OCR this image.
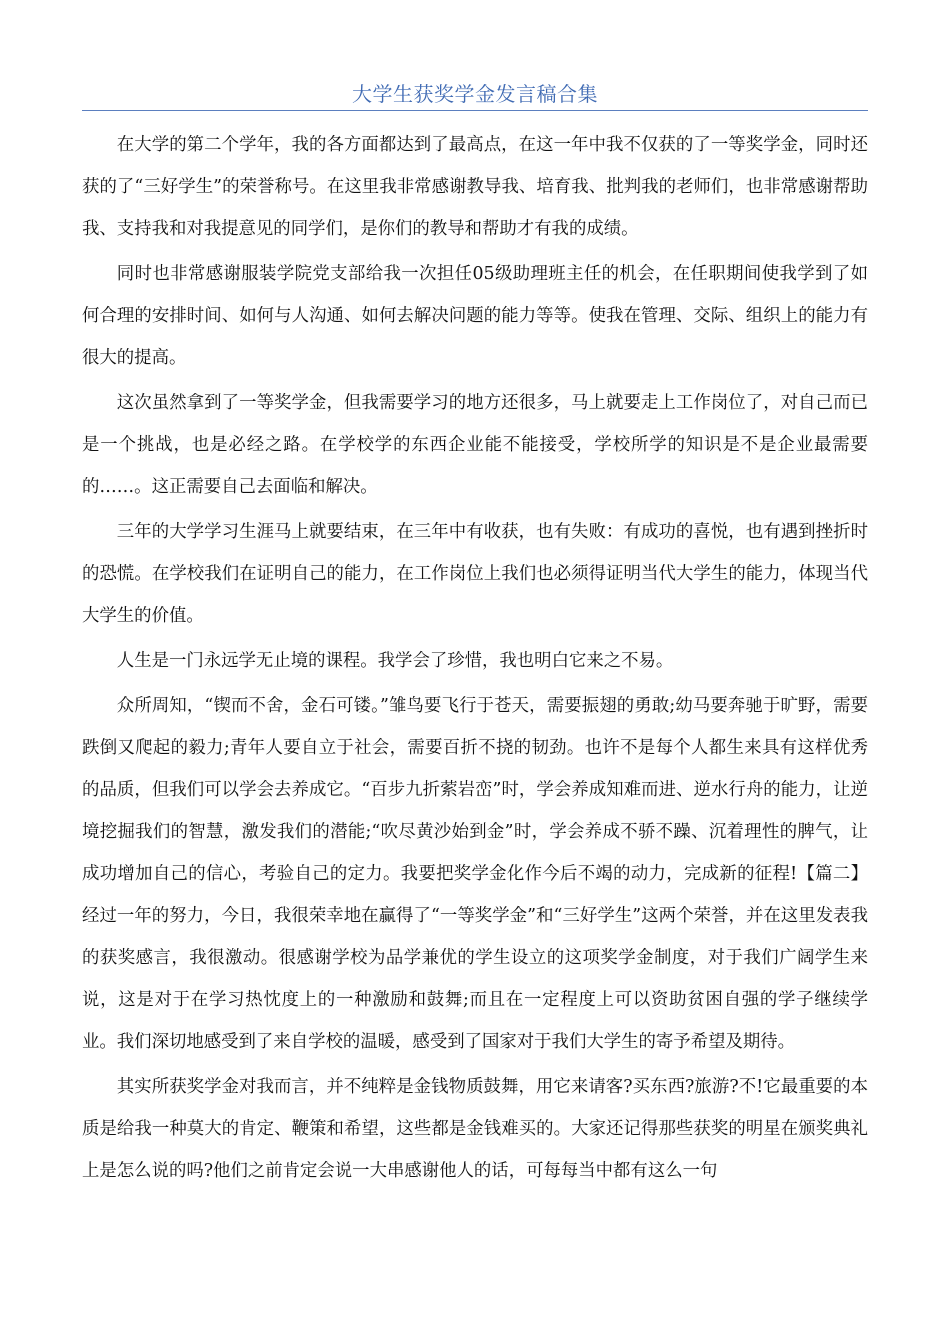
大学生获奖学金发言稿合集

在大学的第二个学年，我的各方面都达到了最高点，在这一年中我不仅获的了一等奖学金，同时还获的了“三好学生”的荣誉称号。在这里我非常感谢教导我、培育我、批判我的老师们，也非常感谢帮助我、支持我和对我提意见的同学们，是你们的教导和帮助才有我的成绩。

同时也非常感谢服装学院党支部给我一次担任05级助理班主任的机会，在任职期间使我学到了如何合理的安排时间、如何与人沟通、如何去解决问题的能力等等。使我在管理、交际、组织上的能力有很大的提高。

这次虽然拿到了一等奖学金，但我需要学习的地方还很多，马上就要走上工作岗位了，对自己而已是一个挑战，也是必经之路。在学校学的东西企业能不能接受，学校所学的知识是不是企业最需要的……。这正需要自己去面临和解决。

三年的大学学习生涯马上就要结束，在三年中有收获，也有失败：有成功的喜悦，也有遇到挫折时的恐慌。在学校我们在证明自己的能力，在工作岗位上我们也必须得证明当代大学生的能力，体现当代大学生的价值。

人生是一门永远学无止境的课程。我学会了珍惜，我也明白它来之不易。

众所周知，“锲而不舍，金石可镂。”雏鸟要飞行于苍天，需要振翅的勇敢;幼马要奔驰于旷野，需要跌倒又爬起的毅力;青年人要自立于社会，需要百折不挠的韧劲。也许不是每个人都生来具有这样优秀的品质，但我们可以学会去养成它。“百步九折萦岩峦”时，学会养成知难而进、逆水行舟的能力，让逆境挖掘我们的智慧，激发我们的潜能;“吹尽黄沙始到金”时，学会养成不骄不躁、沉着理性的脾气，让成功增加自己的信心，考验自己的定力。我要把奖学金化作今后不竭的动力，完成新的征程!【篇二】经过一年的努力，今日，我很荣幸地在赢得了“一等奖学金”和“三好学生”这两个荣誉，并在这里发表我的获奖感言，我很激动。很感谢学校为品学兼优的学生设立的这项奖学金制度，对于我们广阔学生来说，这是对于在学习热忱度上的一种激励和鼓舞;而且在一定程度上可以资助贫困自强的学子继续学业。我们深切地感受到了来自学校的温暖，感受到了国家对于我们大学生的寄予希望及期待。

其实所获奖学金对我而言，并不纯粹是金钱物质鼓舞，用它来请客?买东西?旅游?不!它最重要的本质是给我一种莫大的肯定、鞭策和希望，这些都是金钱难买的。大家还记得那些获奖的明星在颁奖典礼上是怎么说的吗?他们之前肯定会说一大串感谢他人的话，可每每当中都有这么一句
